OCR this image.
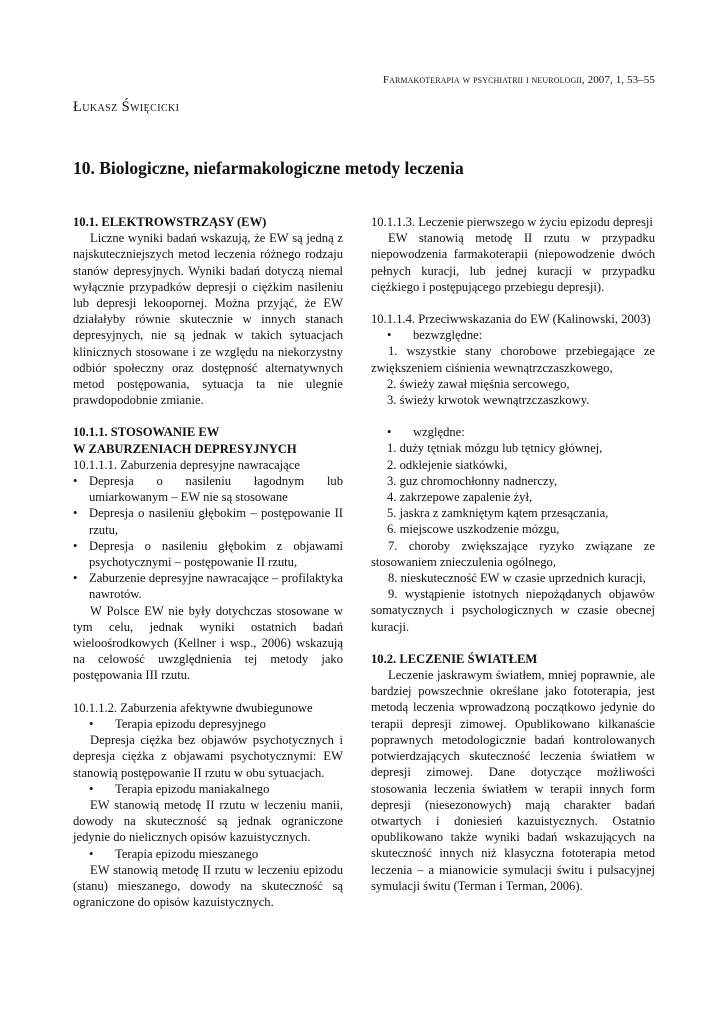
Farmakoterapia w psychiatrii i neurologii, 2007, 1, 53–55
Łukasz Święcicki
10. Biologiczne, niefarmakologiczne metody leczenia

10.1. ELEKTROWSTRZĄSY (EW)

Liczne wyniki badań wskazują, że EW są jedną z najskuteczniejszych metod leczenia różnego rodzaju stanów depresyjnych. Wyniki badań dotyczą niemal wyłącznie przypadków depresji o ciężkim nasileniu lub depresji lekoopornej. Można przyjąć, że EW działałyby równie skutecznie w innych stanach depresyjnych, nie są jednak w takich sytuacjach klinicznych stosowane i ze względu na niekorzystny odbiór społeczny oraz dostępność alternatywnych metod postępowania, sytuacja ta nie ulegnie prawdopodobnie zmianie.

10.1.1. STOSOWANIE EW

W ZABURZENIACH DEPRESYJNYCH

10.1.1.1. Zaburzenia depresyjne nawracające

• Depresja o nasileniu łagodnym lub umiarkowanym – EW nie są stosowane
• Depresja o nasileniu głębokim – postępowanie II rzutu,
• Depresja o nasileniu głębokim z objawami psychotycznymi – postępowanie II rzutu,
• Zaburzenie depresyjne nawracające – profilaktyka nawrotów.

W Polsce EW nie były dotychczas stosowane w tym celu, jednak wyniki ostatnich badań wieloośrodkowych (Kellner i wsp., 2006) wskazują na celowość uwzględnienia tej metody jako postępowania III rzutu.

10.1.1.2. Zaburzenia afektywne dwubiegunowe

• Terapia epizodu depresyjnego

Depresja ciężka bez objawów psychotycznych i depresja ciężka z objawami psychotycznymi: EW stanowią postępowanie II rzutu w obu sytuacjach.

• Terapia epizodu maniakalnego

EW stanowią metodę II rzutu w leczeniu manii, dowody na skuteczność są jednak ograniczone jedynie do nielicznych opisów kazuistycznych.

• Terapia epizodu mieszanego

EW stanowią metodę II rzutu w leczeniu epizodu (stanu) mieszanego, dowody na skuteczność są ograniczone do opisów kazuistycznych.

10.1.1.3. Leczenie pierwszego w życiu epizodu depresji

EW stanowią metodę II rzutu w przypadku niepowodzenia farmakoterapii (niepowodzenie dwóch pełnych kuracji, lub jednej kuracji w przypadku ciężkiego i postępującego przebiegu depresji).

10.1.1.4. Przeciwwskazania do EW (Kalinowski, 2003)

• bezwzględne:

1. wszystkie stany chorobowe przebiegające ze zwiększeniem ciśnienia wewnątrzczaszkowego,

2. świeży zawał mięśnia sercowego,

3. świeży krwotok wewnątrzczaszkowy.

• względne:

1. duży tętniak mózgu lub tętnicy głównej,

2. odklejenie siatkówki,

3. guz chromochłonny nadnerczy,

4. zakrzepowe zapalenie żył,

5. jaskra z zamkniętym kątem przesączania,

6. miejscowe uszkodzenie mózgu,

7. choroby zwiększające ryzyko związane ze stosowaniem znieczulenia ogólnego,

8. nieskuteczność EW w czasie uprzednich kuracji,

9. wystąpienie istotnych niepożądanych objawów somatycznych i psychologicznych w czasie obecnej kuracji.

10.2. LECZENIE ŚWIATŁEM

Leczenie jaskrawym światłem, mniej poprawnie, ale bardziej powszechnie określane jako fototerapia, jest metodą leczenia wprowadzoną początkowo jedynie do terapii depresji zimowej. Opublikowano kilkanaście poprawnych metodologicznie badań kontrolowanych potwierdzających skuteczność leczenia światłem w depresji zimowej. Dane dotyczące możliwości stosowania leczenia światłem w terapii innych form depresji (niesezonowych) mają charakter badań otwartych i doniesień kazuistycznych. Ostatnio opublikowano także wyniki badań wskazujących na skuteczność innych niż klasyczna fototerapia metod leczenia – a mianowicie symulacji świtu i pulsacyjnej symulacji świtu (Terman i Terman, 2006).
